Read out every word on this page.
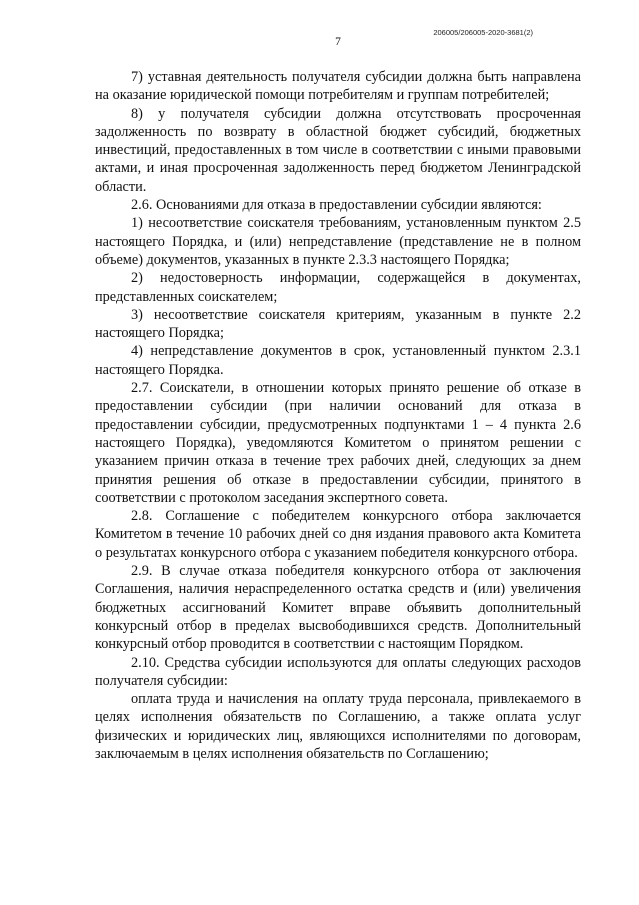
206005/206005-2020-3681(2)
7

7) уставная деятельность получателя субсидии должна быть направлена на оказание юридической помощи потребителям и группам потребителей;

8) у получателя субсидии должна отсутствовать просроченная задолженность по возврату в областной бюджет субсидий, бюджетных инвестиций, предоставленных в том числе в соответствии с иными правовыми актами, и иная просроченная задолженность перед бюджетом Ленинградской области.

2.6. Основаниями для отказа в предоставлении субсидии являются:

1) несоответствие соискателя требованиям, установленным пунктом 2.5 настоящего Порядка, и (или) непредставление (представление не в полном объеме) документов, указанных в пункте 2.3.3 настоящего Порядка;

2) недостоверность информации, содержащейся в документах, представленных соискателем;

3) несоответствие соискателя критериям, указанным в пункте 2.2 настоящего Порядка;

4) непредставление документов в срок, установленный пунктом 2.3.1 настоящего Порядка.

2.7. Соискатели, в отношении которых принято решение об отказе в предоставлении субсидии (при наличии оснований для отказа в предоставлении субсидии, предусмотренных подпунктами 1 – 4 пункта 2.6 настоящего Порядка), уведомляются Комитетом о принятом решении с указанием причин отказа в течение трех рабочих дней, следующих за днем принятия решения об отказе в предоставлении субсидии, принятого в соответствии с протоколом заседания экспертного совета.

2.8. Соглашение с победителем конкурсного отбора заключается Комитетом в течение 10 рабочих дней со дня издания правового акта Комитета о результатах конкурсного отбора с указанием победителя конкурсного отбора.

2.9. В случае отказа победителя конкурсного отбора от заключения Соглашения, наличия нераспределенного остатка средств и (или) увеличения бюджетных ассигнований Комитет вправе объявить дополнительный конкурсный отбор в пределах высвободившихся средств. Дополнительный конкурсный отбор проводится в соответствии с настоящим Порядком.

2.10. Средства субсидии используются для оплаты следующих расходов получателя субсидии:

оплата труда и начисления на оплату труда персонала, привлекаемого в целях исполнения обязательств по Соглашению, а также оплата услуг физических и юридических лиц, являющихся исполнителями по договорам, заключаемым в целях исполнения обязательств по Соглашению;
